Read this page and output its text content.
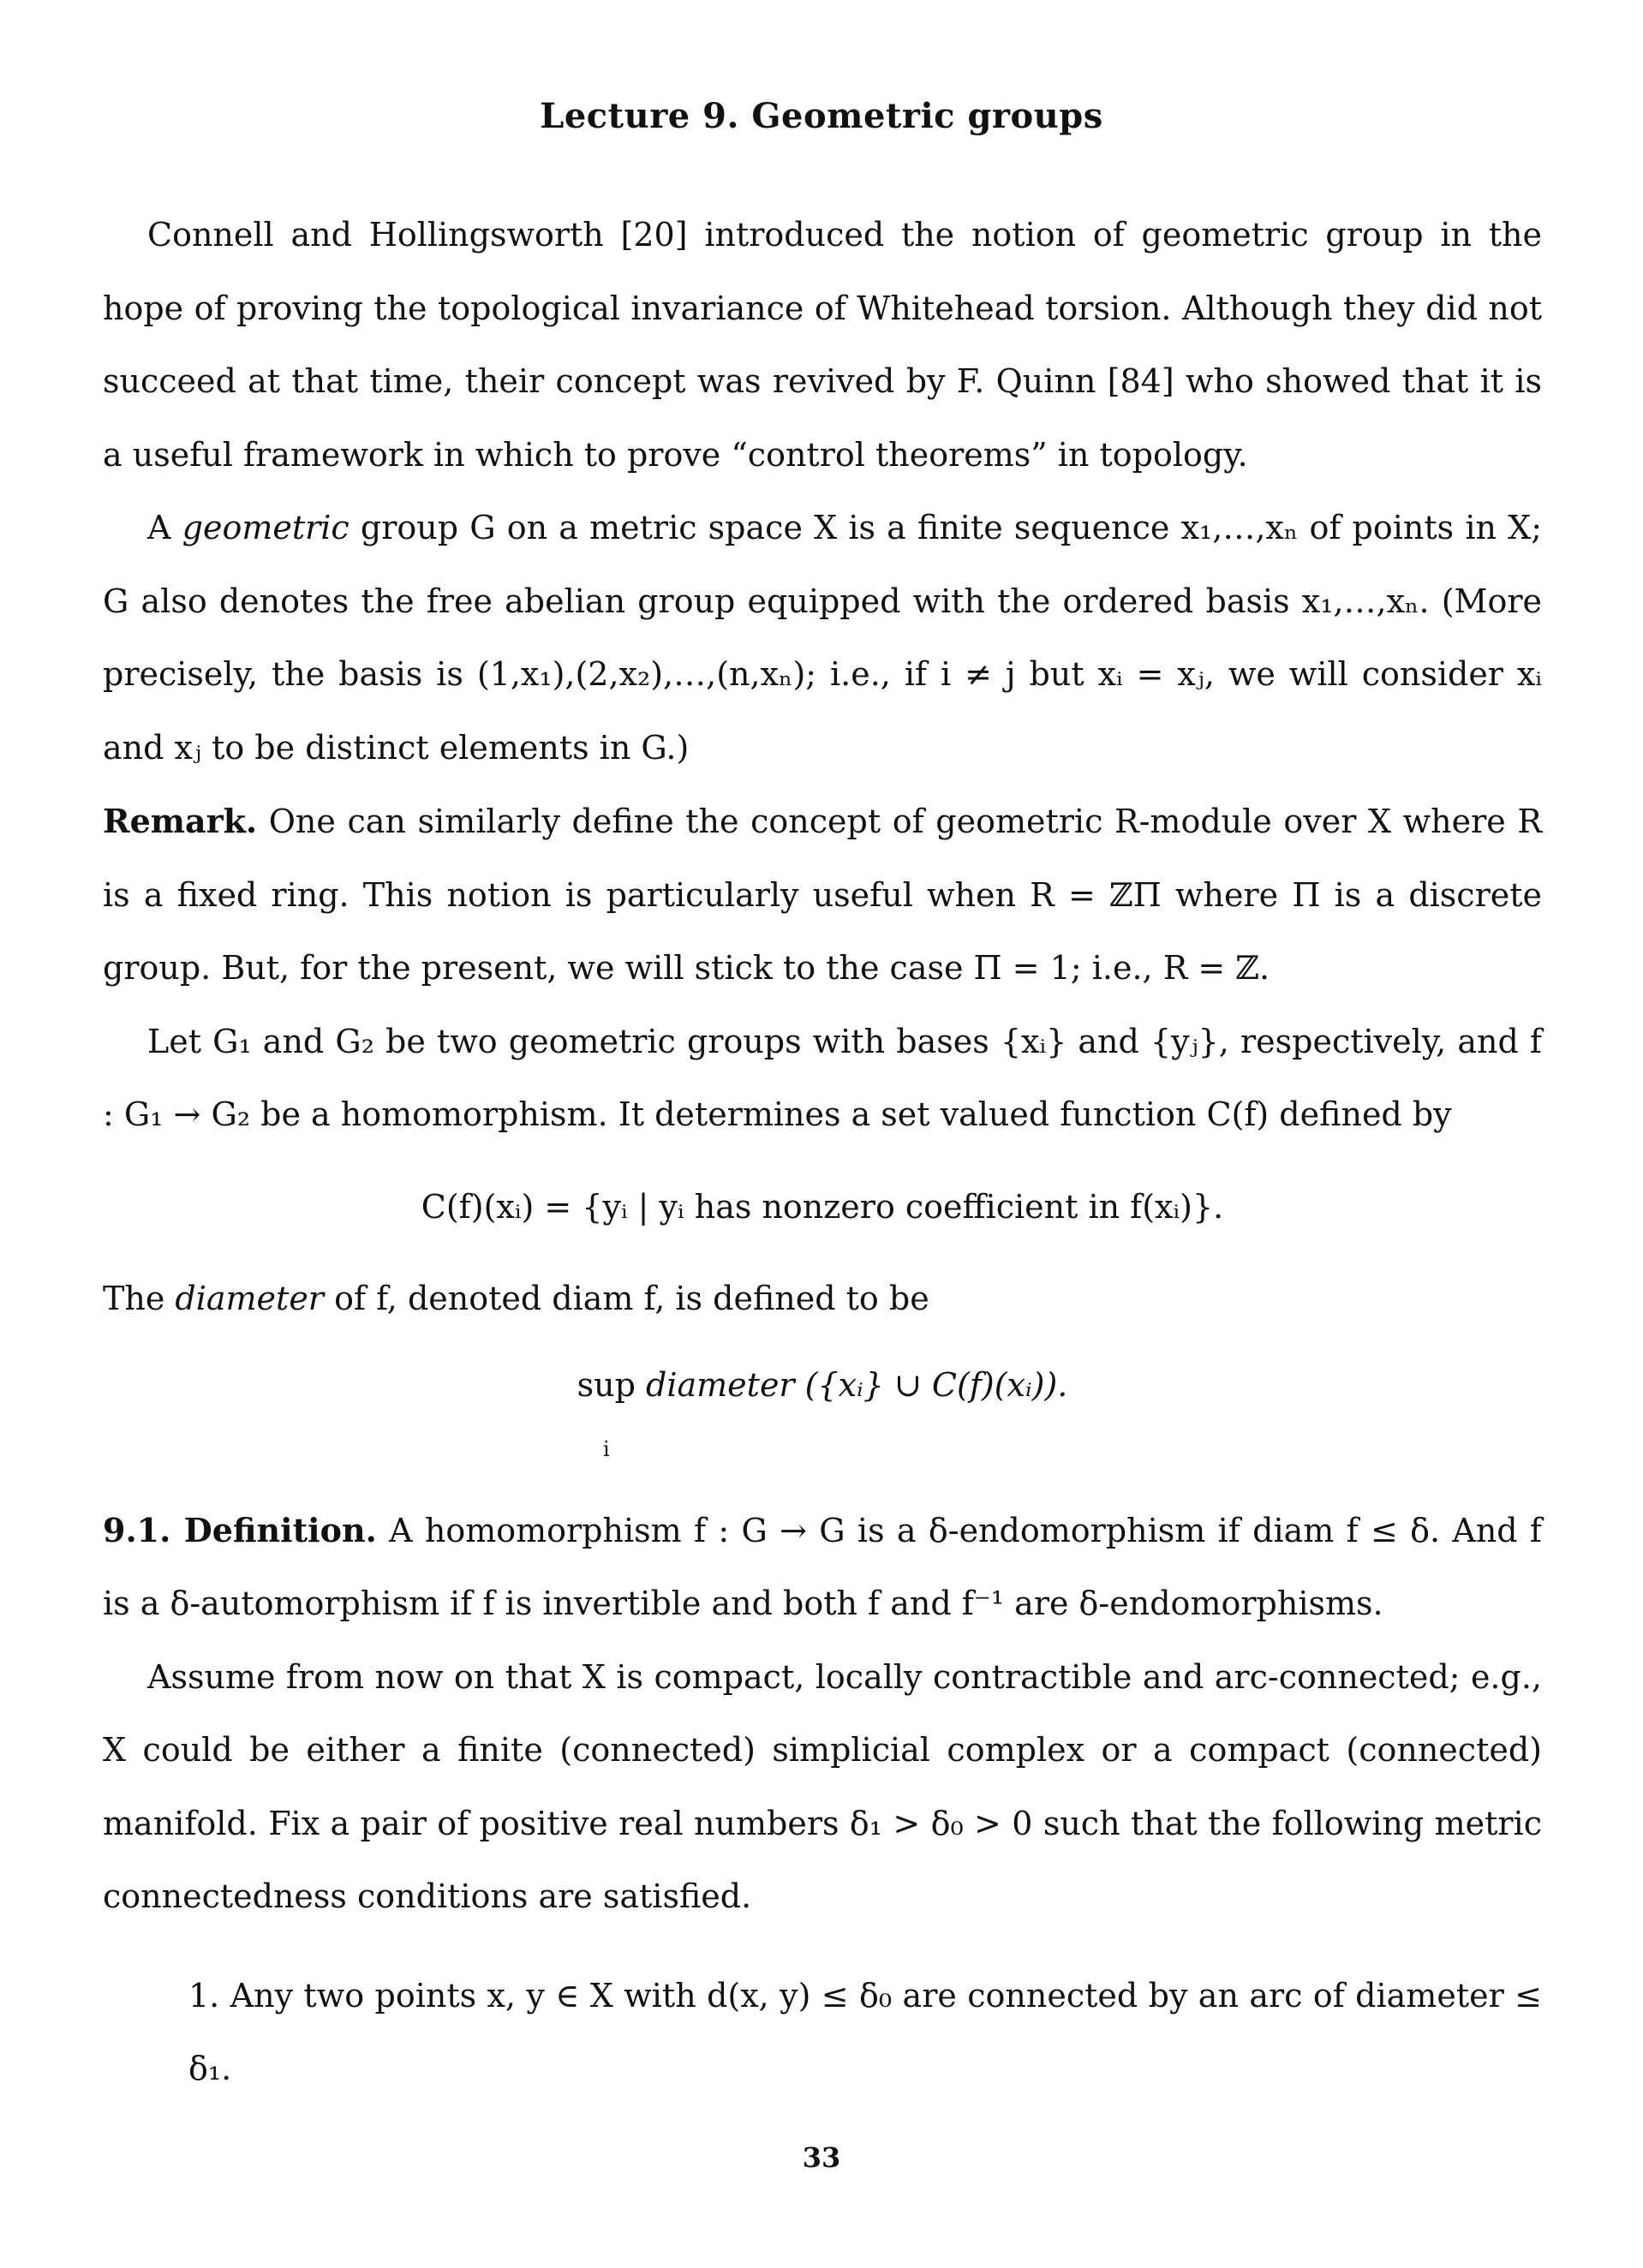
Lecture 9. Geometric groups

Connell and Hollingsworth [20] introduced the notion of geometric group in the hope of proving the topological invariance of Whitehead torsion. Although they did not succeed at that time, their concept was revived by F. Quinn [84] who showed that it is a useful framework in which to prove “control theorems” in topology.

A geometric group G on a metric space X is a finite sequence x₁,…,xₙ of points in X; G also denotes the free abelian group equipped with the ordered basis x₁,…,xₙ. (More precisely, the basis is (1,x₁),(2,x₂),…,(n,xₙ); i.e., if i ≠ j but xᵢ = xⱼ, we will consider xᵢ and xⱼ to be distinct elements in G.)

Remark. One can similarly define the concept of geometric R-module over X where R is a fixed ring. This notion is particularly useful when R = ℤΠ where Π is a discrete group. But, for the present, we will stick to the case Π = 1; i.e., R = ℤ.

Let G₁ and G₂ be two geometric groups with bases {xᵢ} and {yⱼ}, respectively, and f : G₁ → G₂ be a homomorphism. It determines a set valued function C(f) defined by

C(f)(xᵢ) = {yᵢ | yᵢ has nonzero coefficient in f(xᵢ)}.

The diameter of f, denoted diam f, is defined to be

sup
i diameter ({xᵢ} ∪ C(f)(xᵢ)).

9.1. Definition. A homomorphism f : G → G is a δ-endomorphism if diam f ≤ δ. And f is a δ-automorphism if f is invertible and both f and f⁻¹ are δ-endomorphisms.

Assume from now on that X is compact, locally contractible and arc-connected; e.g., X could be either a finite (connected) simplicial complex or a compact (connected) manifold. Fix a pair of positive real numbers δ₁ > δ₀ > 0 such that the following metric connectedness conditions are satisfied.

1. Any two points x, y ∈ X with d(x, y) ≤ δ₀ are connected by an arc of diameter ≤ δ₁.

33
